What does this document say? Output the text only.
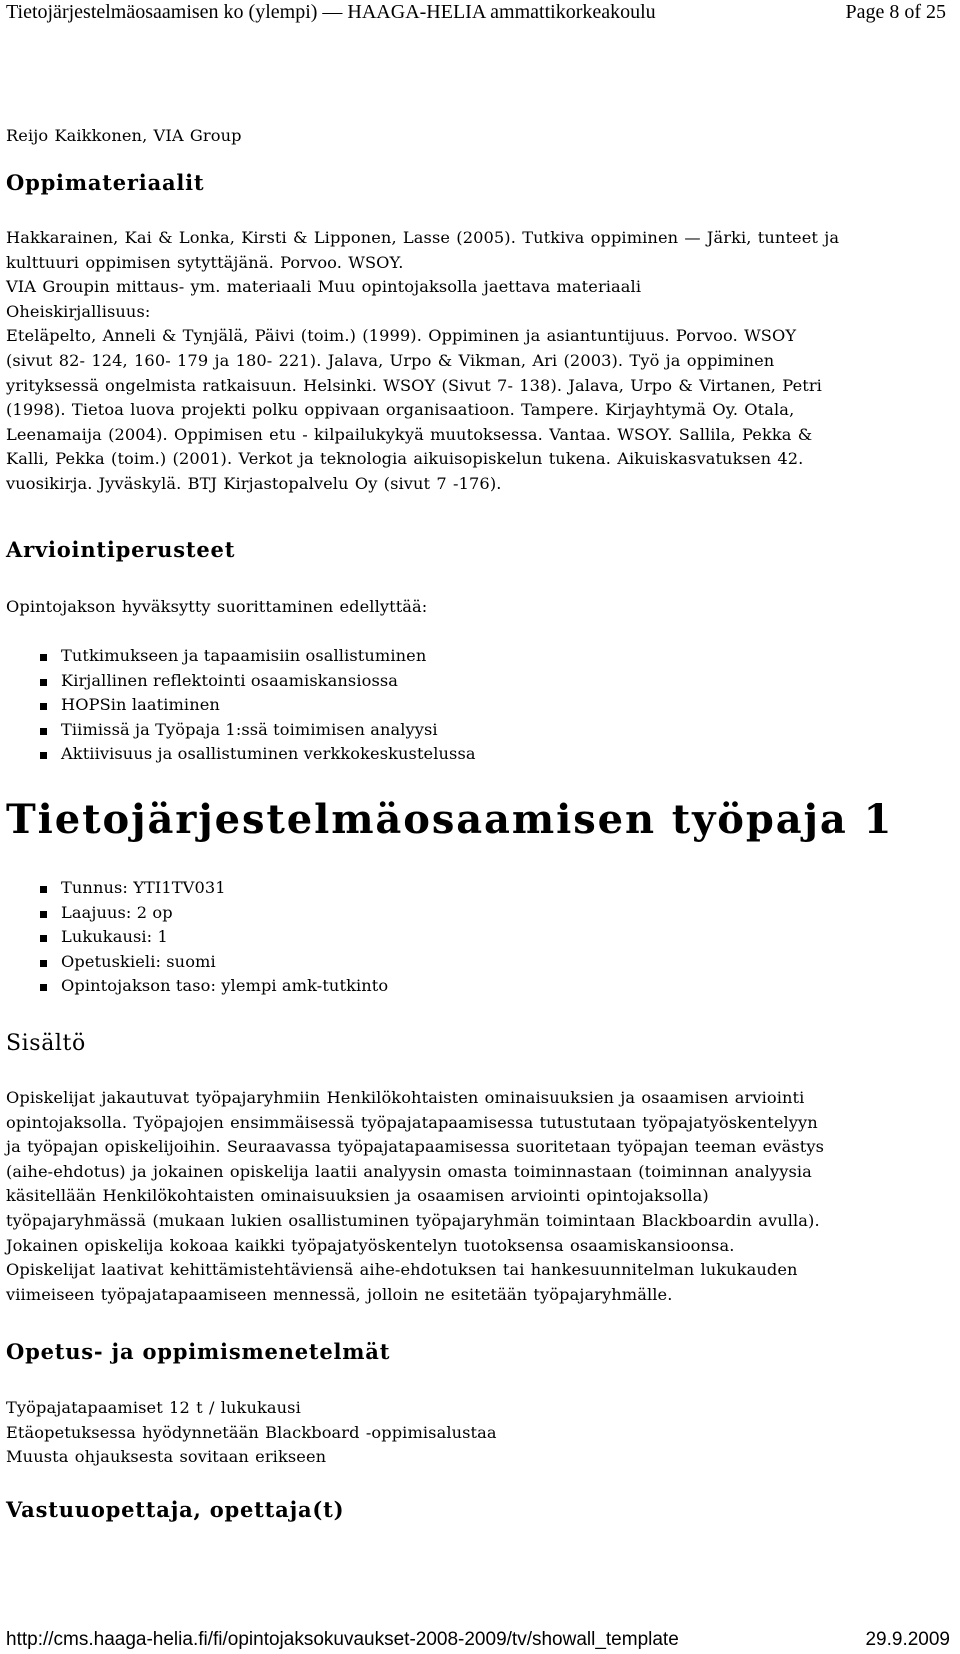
Tietojärjestelmäosaamisen ko (ylempi) — HAAGA-HELIA ammattikorkeakoulu	Page 8 of 25
Reijo Kaikkonen, VIA Group
Oppimateriaalit
Hakkarainen, Kai & Lonka, Kirsti & Lipponen, Lasse (2005). Tutkiva oppiminen — Järki, tunteet ja
kulttuuri oppimisen sytyttäjänä. Porvoo. WSOY.
VIA Groupin mittaus- ym. materiaali Muu opintojaksolla jaettava materiaali
Oheiskirjallisuus:
Eteläpelto, Anneli & Tynjälä, Päivi (toim.) (1999). Oppiminen ja asiantuntijuus. Porvoo. WSOY
(sivut 82- 124, 160- 179 ja 180- 221). Jalava, Urpo & Vikman, Ari (2003). Työ ja oppiminen
yrityksessä ongelmista ratkaisuun. Helsinki. WSOY (Sivut 7- 138). Jalava, Urpo & Virtanen, Petri
(1998). Tietoa luova projekti polku oppivaan organisaatioon. Tampere. Kirjayhtymä Oy. Otala,
Leenamaija (2004). Oppimisen etu - kilpailukykyä muutoksessa. Vantaa. WSOY. Sallila, Pekka &
Kalli, Pekka (toim.) (2001). Verkot ja teknologia aikuisopiskelun tukena. Aikuiskasvatuksen 42.
vuosikirja. Jyväskylä. BTJ Kirjastopalvelu Oy (sivut 7 -176).
Arviointiperusteet
Opintojakson hyväksytty suorittaminen edellyttää:
Tutkimukseen ja tapaamisiin osallistuminen
Kirjallinen reflektointi osaamiskansiossa
HOPSin laatiminen
Tiimissä ja Työpaja 1:ssä toimimisen analyysi
Aktiivisuus ja osallistuminen verkkokeskustelussa
Tietojärjestelmäosaamisen työpaja 1
Tunnus: YTI1TV031
Laajuus: 2 op
Lukukausi: 1
Opetuskieli: suomi
Opintojakson taso: ylempi amk-tutkinto
Sisältö
Opiskelijat jakautuvat työpajaryhmiin Henkilökohtaisten ominaisuuksien ja osaamisen arviointi
opintojaksolla. Työpajojen ensimmäisessä työpajatapaamisessa tutustutaan työpajatyöskentelyyn
ja työpajan opiskelijoihin. Seuraavassa työpajatapaamisessa suoritetaan työpajan teeman evästys
(aihe-ehdotus) ja jokainen opiskelija laatii analyysin omasta toiminnastaan (toiminnan analyysia
käsitellään Henkilökohtaisten ominaisuuksien ja osaamisen arviointi opintojaksolla)
työpajaryhmässä (mukaan lukien osallistuminen työpajaryhmän toimintaan Blackboardin avulla).
Jokainen opiskelija kokoaa kaikki työpajatyöskentelyn tuotoksensa osaamiskansioonsa.
Opiskelijat laativat kehittämistehtäviensä aihe-ehdotuksen tai hankesuunnitelman lukukauden
viimeiseen työpajatapaamiseen mennessä, jolloin ne esitetään työpajaryhmälle.
Opetus- ja oppimismenetelmät
Työpajatapaamiset 12 t / lukukausi
Etäopetuksessa hyödynnetään Blackboard -oppimisalustaa
Muusta ohjauksesta sovitaan erikseen
Vastuuopettaja, opettaja(t)
http://cms.haaga-helia.fi/fi/opintojaksokuvaukset-2008-2009/tv/showall_template	29.9.2009
